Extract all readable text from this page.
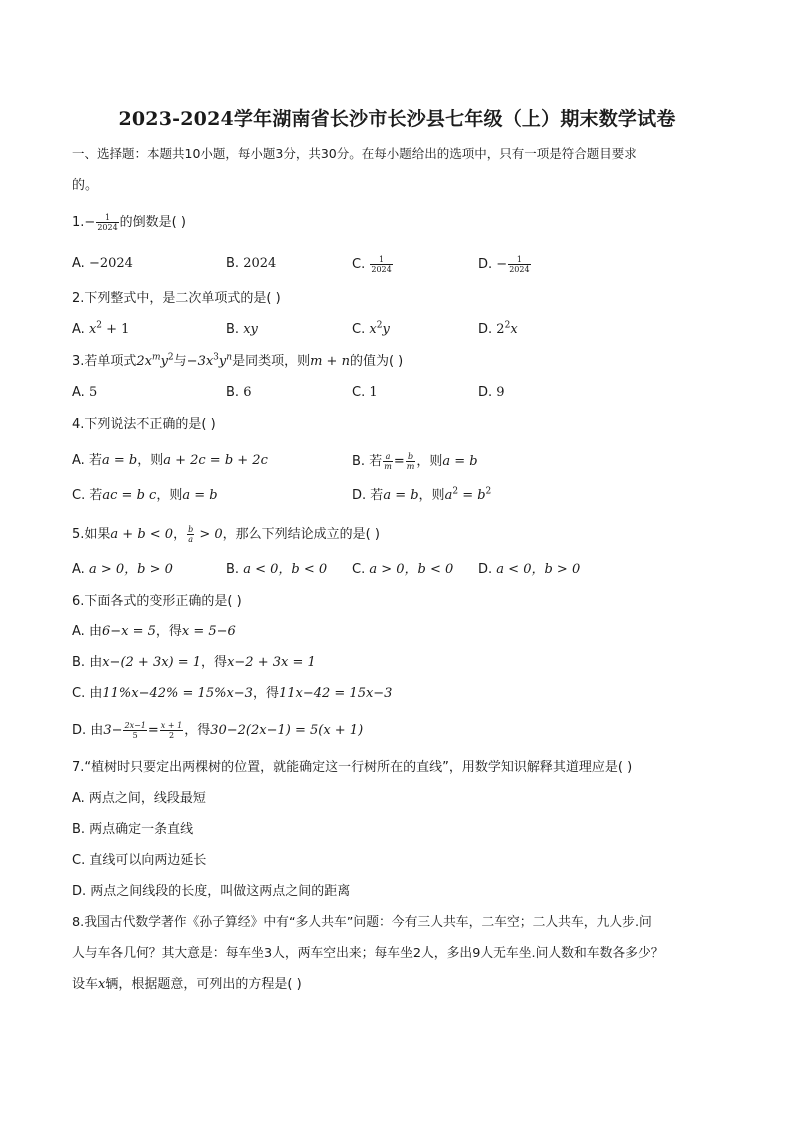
2023-2024学年湖南省长沙市长沙县七年级（上）期末数学试卷
一、选择题：本题共10小题，每小题3分，共30分。在每小题给出的选项中，只有一项是符合题目要求
的。
$1.- \frac{1}{2024}$ 的倒数是( )
A. −2024	B. 2024	C. $\frac{1}{2024}$	D. − $\frac{1}{2024}$
2.下列整式中，是二次单项式的是( )
A. $x^2 + 1$	B. xy	C. $x^2y$	D. $2^2x$
3.若单项式$2x^my^2$与$-3x^3y^n$是同类项，则m + n的值为( )
A. 5	B. 6	C. 1	D. 9
4.下列说法不正确的是( )
A. 若a = b，则a + 2c = b + 2c	B. 若 $\frac{a}{m} = \frac{b}{m}$ ，则a = b
C. 若ac = b c，则a = b	D. 若a = b，则$a^2 = b^2$
5.如果a + b < 0， $\frac{b}{a} > 0$，那么下列结论成立的是( )
A. a > 0，b > 0	B. a < 0，b < 0 C. a > 0，b < 0 D. a < 0，b > 0
6.下面各式的变形正确的是( )
A. 由6−x = 5，得x = 5−6
B. 由x−(2 + 3x) = 1，得x−2 + 3x = 1
C. 由11%x−42% = 15%x−3，得11x−42 = 15x−3
D. 由$3- \frac{2x-1}{5} = \frac{x + 1}{2}$ ，得30−2(2x−1) = 5(x + 1)
7.“植树时只要定出两棵树的位置，就能确定这一行树所在的直线”，用数学知识解释其道理应是( )
A. 两点之间，线段最短
B. 两点确定一条直线
C. 直线可以向两边延长
D. 两点之间线段的长度，叫做这两点之间的距离
8.我国古代数学著作《孙子算经》中有“多人共车”问题：今有三人共车，二车空；二人共车，九人步.问
人与车各几何？其大意是：每车坐3人，两车空出来；每车坐2人，多出9人无车坐.问人数和车数各多少？
设车x辆，根据题意，可列出的方程是( )
